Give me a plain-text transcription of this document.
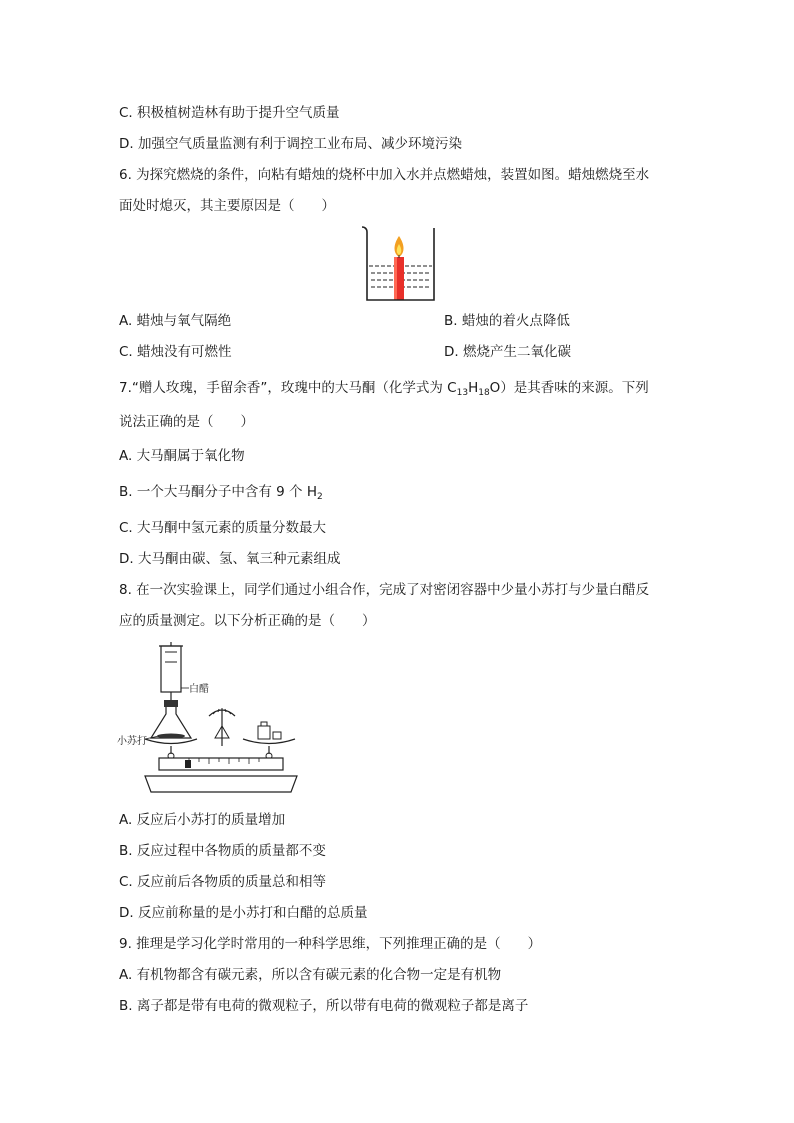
C. 积极植树造林有助于提升空气质量
D. 加强空气质量监测有利于调控工业布局、减少环境污染
6. 为探究燃烧的条件，向粘有蜡烛的烧杯中加入水并点燃蜡烛，装置如图。蜡烛燃烧至水
面处时熄灭，其主要原因是（　　）
A. 蜡烛与氧气隔绝	B. 蜡烛的着火点降低
C. 蜡烛没有可燃性	D. 燃烧产生二氧化碳
7.“赠人玫瑰，手留余香”，玫瑰中的大马酮（化学式为 $C_{13}H_{18}O$）是其香味的来源。下列
说法正确的是（　　）
A. 大马酮属于氧化物
B. 一个大马酮分子中含有 9 个 $H_2$
C. 大马酮中氢元素的质量分数最大
D. 大马酮由碳、氢、氧三种元素组成
8. 在一次实验课上，同学们通过小组合作，完成了对密闭容器中少量小苏打与少量白醋反
应的质量测定。以下分析正确的是（　　）
白醋
小苏打
A. 反应后小苏打的质量增加
B. 反应过程中各物质的质量都不变
C. 反应前后各物质的质量总和相等
D. 反应前称量的是小苏打和白醋的总质量
9. 推理是学习化学时常用的一种科学思维，下列推理正确的是（　　）
A. 有机物都含有碳元素，所以含有碳元素的化合物一定是有机物
B. 离子都是带有电荷的微观粒子，所以带有电荷的微观粒子都是离子
